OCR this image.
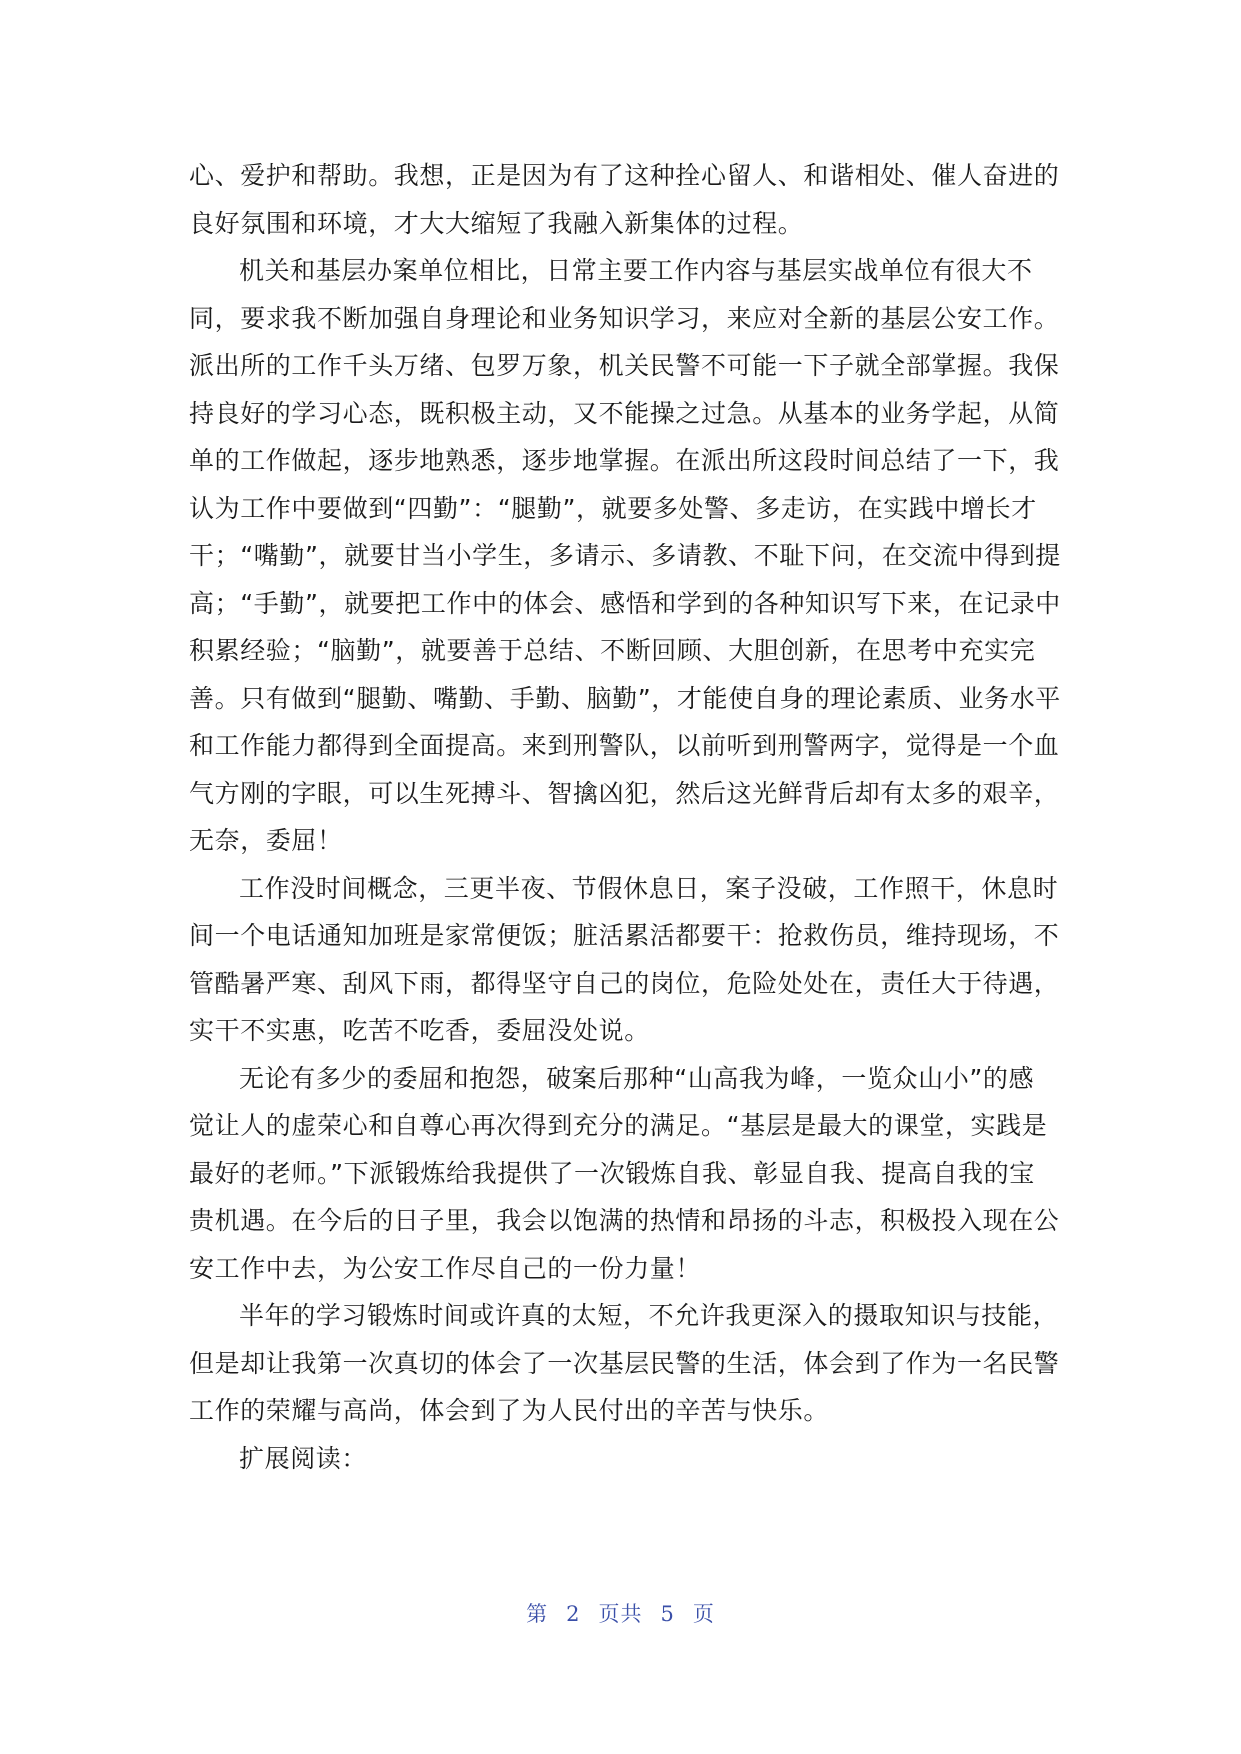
心、爱护和帮助。我想，正是因为有了这种拴心留人、和谐相处、催人奋进的
良好氛围和环境，才大大缩短了我融入新集体的过程。
机关和基层办案单位相比，日常主要工作内容与基层实战单位有很大不
同，要求我不断加强自身理论和业务知识学习，来应对全新的基层公安工作。
派出所的工作千头万绪、包罗万象，机关民警不可能一下子就全部掌握。我保
持良好的学习心态，既积极主动，又不能操之过急。从基本的业务学起，从简
单的工作做起，逐步地熟悉，逐步地掌握。在派出所这段时间总结了一下，我
认为工作中要做到“四勤”：“腿勤”，就要多处警、多走访，在实践中增长才
干；“嘴勤”，就要甘当小学生，多请示、多请教、不耻下问，在交流中得到提
高；“手勤”，就要把工作中的体会、感悟和学到的各种知识写下来，在记录中
积累经验；“脑勤”，就要善于总结、不断回顾、大胆创新，在思考中充实完
善。只有做到“腿勤、嘴勤、手勤、脑勤”，才能使自身的理论素质、业务水平
和工作能力都得到全面提高。来到刑警队，以前听到刑警两字，觉得是一个血
气方刚的字眼，可以生死搏斗、智擒凶犯，然后这光鲜背后却有太多的艰辛，
无奈，委屈！
工作没时间概念，三更半夜、节假休息日，案子没破，工作照干，休息时
间一个电话通知加班是家常便饭；脏活累活都要干：抢救伤员，维持现场，不
管酷暑严寒、刮风下雨，都得坚守自己的岗位，危险处处在，责任大于待遇，
实干不实惠，吃苦不吃香，委屈没处说。
无论有多少的委屈和抱怨，破案后那种“山高我为峰，一览众山小”的感
觉让人的虚荣心和自尊心再次得到充分的满足。“基层是最大的课堂，实践是
最好的老师。”下派锻炼给我提供了一次锻炼自我、彰显自我、提高自我的宝
贵机遇。在今后的日子里，我会以饱满的热情和昂扬的斗志，积极投入现在公
安工作中去，为公安工作尽自己的一份力量！
半年的学习锻炼时间或许真的太短，不允许我更深入的摄取知识与技能，
但是却让我第一次真切的体会了一次基层民警的生活，体会到了作为一名民警
工作的荣耀与高尚，体会到了为人民付出的辛苦与快乐。
扩展阅读：
第 2 页共 5 页
